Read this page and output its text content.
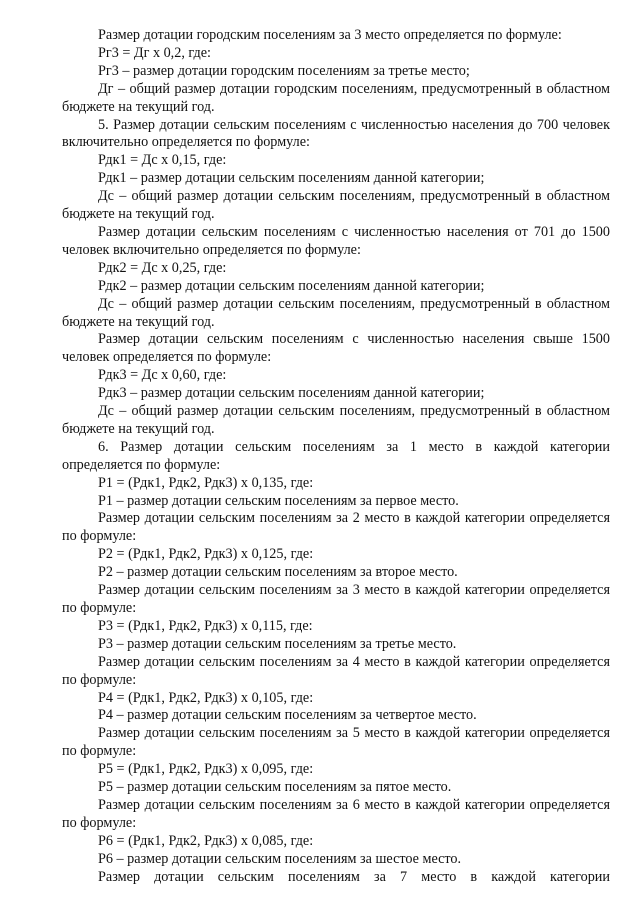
Размер дотации городским поселениям за 3 место определяется по формуле:

Рг3 = Дг х 0,2, где:

Рг3 – размер дотации городским поселениям за третье место;

Дг – общий размер дотации городским поселениям, предусмотренный в областном бюджете на текущий год.

5. Размер дотации сельским поселениям с численностью населения до 700 человек включительно определяется по формуле:

Рдк1 = Дс х 0,15, где:

Рдк1 – размер дотации сельским поселениям данной категории;

Дс – общий размер дотации сельским поселениям, предусмотренный в областном бюджете на текущий год.

Размер дотации сельским поселениям с численностью населения от 701 до 1500 человек включительно определяется по формуле:

Рдк2 = Дс х 0,25, где:

Рдк2 – размер дотации сельским поселениям данной категории;

Дс – общий размер дотации сельским поселениям, предусмотренный в областном бюджете на текущий год.

Размер дотации сельским поселениям с численностью населения свыше 1500 человек определяется по формуле:

Рдк3 = Дс х 0,60, где:

Рдк3 – размер дотации сельским поселениям данной категории;

Дс – общий размер дотации сельским поселениям, предусмотренный в областном бюджете на текущий год.

6. Размер дотации сельским поселениям за 1 место в каждой категории определяется по формуле:

Р1 = (Рдк1, Рдк2, Рдк3) х 0,135, где:

Р1 – размер дотации сельским поселениям за первое место.

Размер дотации сельским поселениям за 2 место в каждой категории определяется по формуле:

Р2 = (Рдк1, Рдк2, Рдк3) х 0,125, где:

Р2 – размер дотации сельским поселениям за второе место.

Размер дотации сельским поселениям за 3 место в каждой категории определяется по формуле:

Р3 = (Рдк1, Рдк2, Рдк3) х 0,115, где:

Р3 – размер дотации сельским поселениям за третье место.

Размер дотации сельским поселениям за 4 место в каждой категории определяется по формуле:

Р4 = (Рдк1, Рдк2, Рдк3) х 0,105, где:

Р4 – размер дотации сельским поселениям за четвертое место.

Размер дотации сельским поселениям за 5 место в каждой категории определяется по формуле:

Р5 = (Рдк1, Рдк2, Рдк3) х 0,095, где:

Р5 – размер дотации сельским поселениям за пятое место.

Размер дотации сельским поселениям за 6 место в каждой категории определяется по формуле:

Р6 = (Рдк1, Рдк2, Рдк3) х 0,085, где:

Р6 – размер дотации сельским поселениям за шестое место.

Размер дотации сельским поселениям за 7 место в каждой категории
